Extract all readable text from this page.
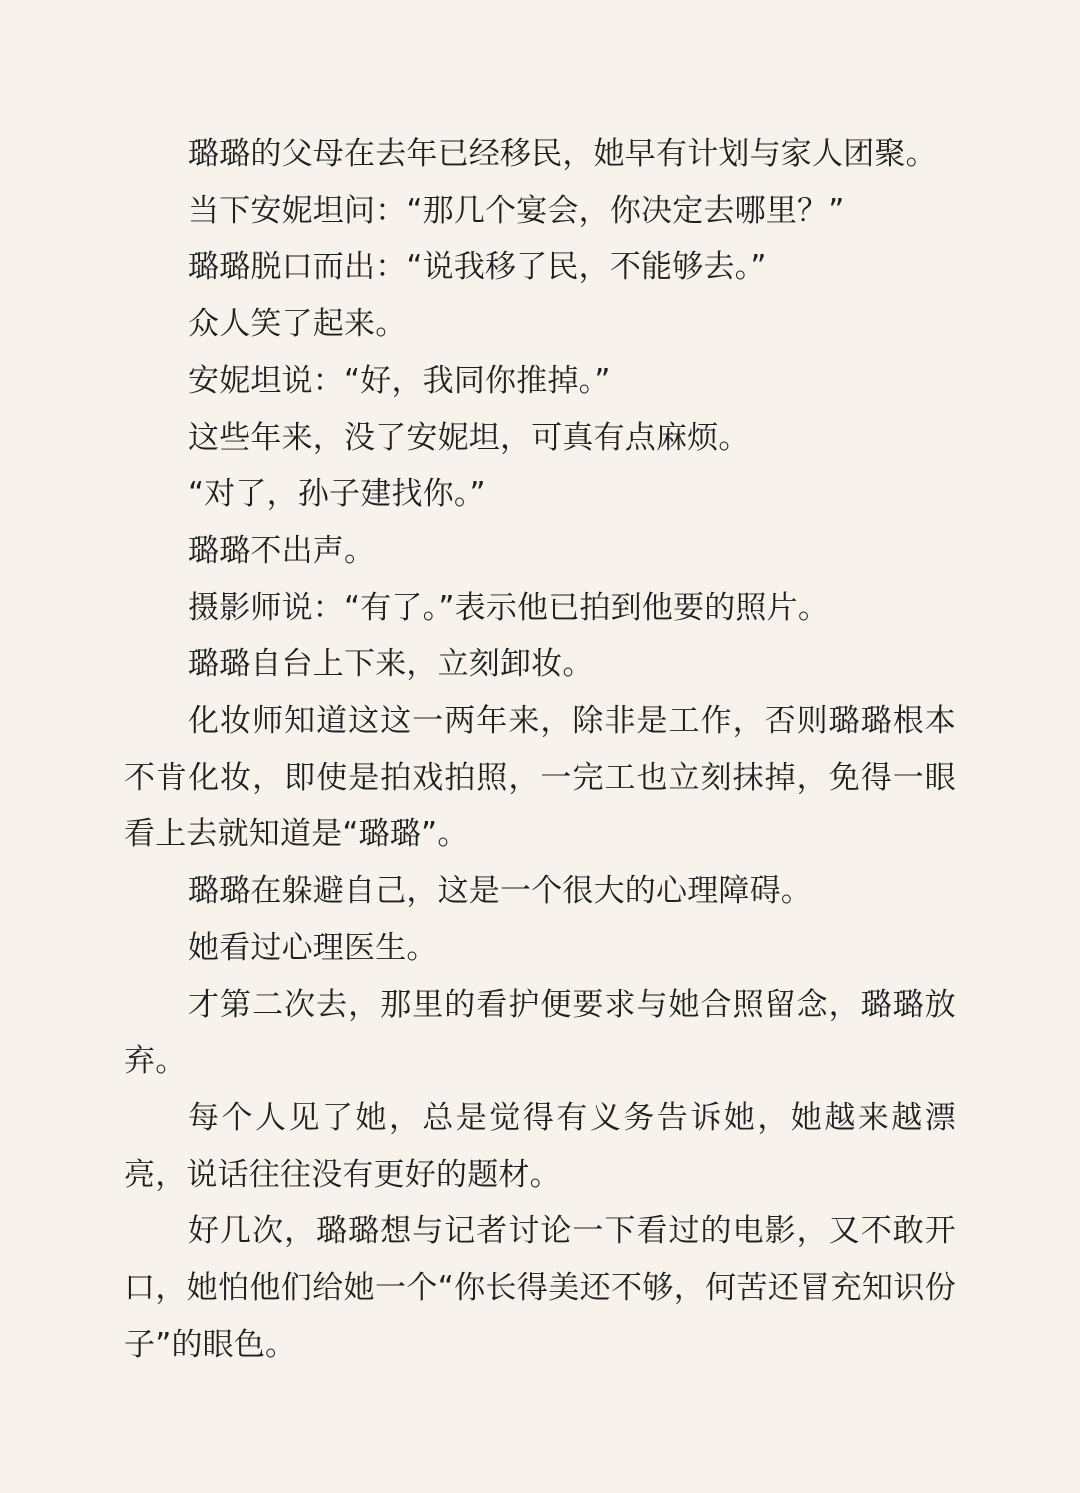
璐璐的父母在去年已经移民，她早有计划与家人团聚。

当下安妮坦问：“那几个宴会，你决定去哪里？”

璐璐脱口而出：“说我移了民，不能够去。”

众人笑了起来。

安妮坦说：“好，我同你推掉。”

这些年来，没了安妮坦，可真有点麻烦。

“对了，孙子建找你。”

璐璐不出声。

摄影师说：“有了。”表示他已拍到他要的照片。

璐璐自台上下来，立刻卸妆。

化妆师知道这这一两年来，除非是工作，否则璐璐根本不肯化妆，即使是拍戏拍照，一完工也立刻抹掉，免得一眼看上去就知道是“璐璐”。

璐璐在躲避自己，这是一个很大的心理障碍。

她看过心理医生。

才第二次去，那里的看护便要求与她合照留念，璐璐放弃。

每个人见了她，总是觉得有义务告诉她，她越来越漂亮，说话往往没有更好的题材。

好几次，璐璐想与记者讨论一下看过的电影，又不敢开口，她怕他们给她一个“你长得美还不够，何苦还冒充知识份子”的眼色。
